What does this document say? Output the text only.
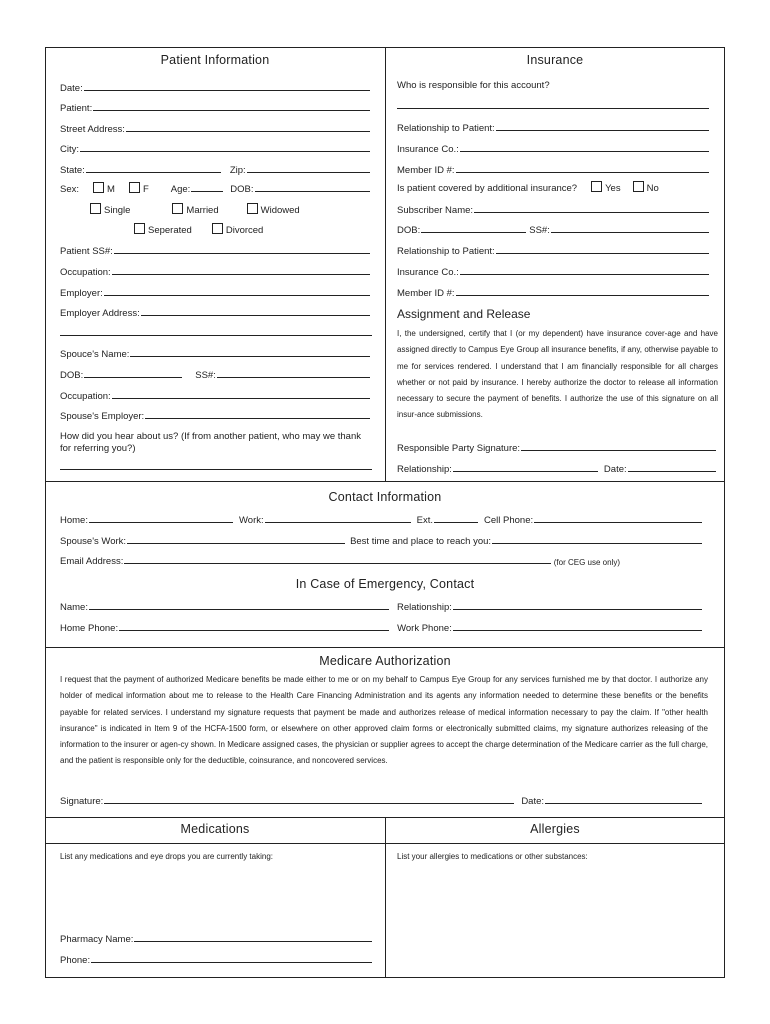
Patient Information
Date:
Patient:
Street Address:
City:
State:	Zip:
Sex:	M	F Age:	DOB:
Single	Married	Widowed
Seperated	Divorced
Patient SS#:
Occupation:
Employer:
Employer Address:
Spouce's Name:
DOB:	SS#:
Occupation:
Spouse's Employer:
How did you hear about us? (If from another patient, who may we thank for referring you?)
Insurance
Who is responsible for this account?
Relationship to Patient:
Insurance Co.:
Member ID #:
Is patient covered by additional insurance?	Yes	No
Subscriber Name:
DOB:	SS#:
Relationship to Patient:
Insurance Co.:
Member ID #:
Assignment and Release
I, the undersigned, certify that I (or my dependent) have insurance cover-age and have assigned directly to Campus Eye Group all insurance benefits, if any, otherwise payable to me for services rendered. I understand that I am financially responsible for all charges whether or not paid by insurance. I hereby authorize the doctor to release all information necessary to secure the payment of benefits. I authorize the use of this signature on all insur-ance submissions.
Responsible Party Signature:
Relationship:	Date:
Contact Information
Home:	Work:	Ext.	Cell Phone:
Spouse's Work:	Best time and place to reach you:
Email Address:	(for CEG use only)
In Case of Emergency, Contact
Name:	Relationship:
Home Phone:	Work Phone:
Medicare Authorization
I request that the payment of authorized Medicare benefits be made either to me or on my behalf to Campus Eye Group for any services furnished me by that doctor. I authorize any holder of medical information about me to release to the Health Care Financing Administration and its agents any information needed to determine these benefits or the benefits payable for related services. I understand my signature requests that payment be made and authorizes release of medical information necessary to pay the claim. If "other health insurance" is indicated in Item 9 of the HCFA-1500 form, or elsewhere on other approved claim forms or electronically submitted claims, my signature authorizes releasing of the information to the insurer or agen-cy shown. In Medicare assigned cases, the physician or supplier agrees to accept the charge determination of the Medicare carrier as the full charge, and the patient is responsible only for the deductible, coinsurance, and noncovered services.
Signature:	Date:
Medications	Allergies
List any medications and eye drops you are currently taking:	List your allergies to medications or other substances:
Pharmacy Name:
Phone:
